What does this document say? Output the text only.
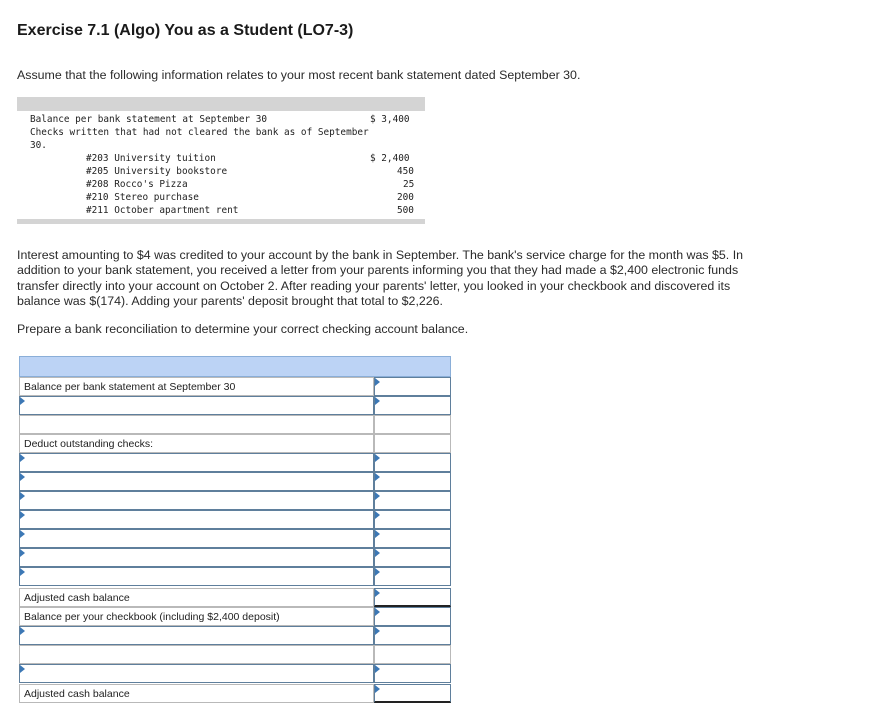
Exercise 7.1 (Algo) You as a Student (LO7-3)
Assume that the following information relates to your most recent bank statement dated September 30.
Balance per bank statement at September 30	$ 3,400
Checks written that had not cleared the bank as of September
30.
#203 University tuition	$ 2,400
#205 University bookstore	450
#208 Rocco's Pizza	25
#210 Stereo purchase	200
#211 October apartment rent	500
Interest amounting to $4 was credited to your account by the bank in September. The bank's service charge for the month was $5. In
addition to your bank statement, you received a letter from your parents informing you that they had made a $2,400 electronic funds
transfer directly into your account on October 2. After reading your parents' letter, you looked in your checkbook and discovered its
balance was $(174). Adding your parents' deposit brought that total to $2,226.
Prepare a bank reconciliation to determine your correct checking account balance.
Balance per bank statement at September 30
Deduct outstanding checks:
Adjusted cash balance
Balance per your checkbook (including $2,400 deposit)
Adjusted cash balance
